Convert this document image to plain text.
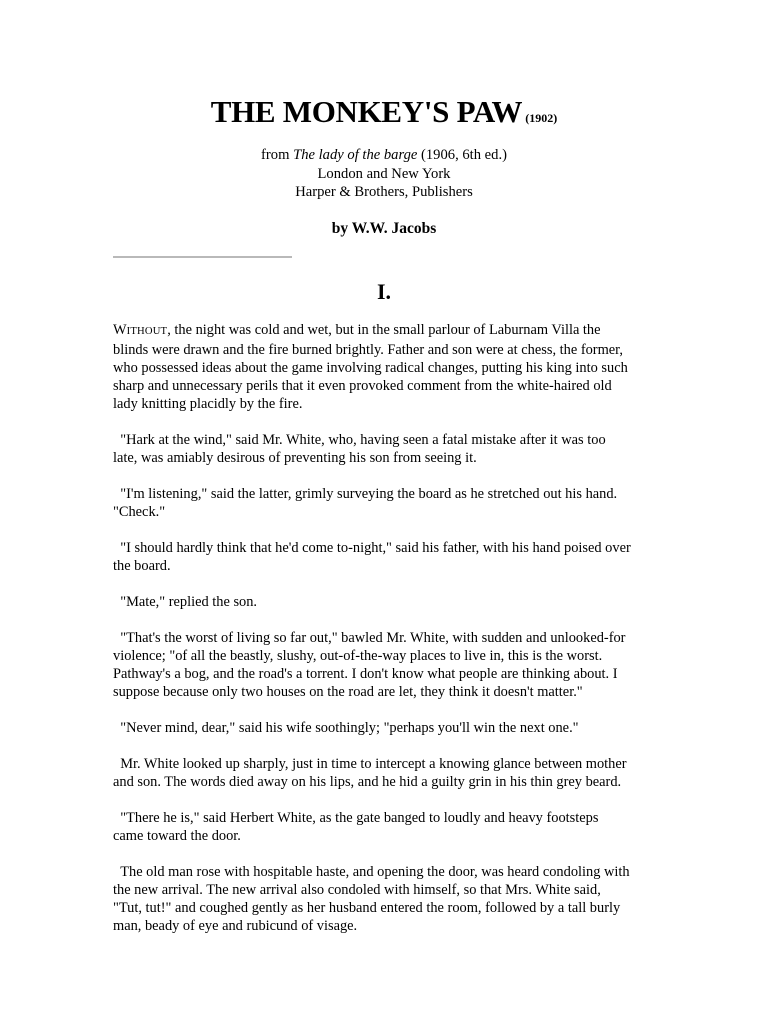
THE MONKEY'S PAW (1902)
from The lady of the barge (1906, 6th ed.)
London and New York
Harper & Brothers, Publishers
by W.W. Jacobs
I.
WITHOUT, the night was cold and wet, but in the small parlour of Laburnam Villa the
blinds were drawn and the fire burned brightly. Father and son were at chess, the former,
who possessed ideas about the game involving radical changes, putting his king into such
sharp and unnecessary perils that it even provoked comment from the white-haired old
lady knitting placidly by the fire.
"Hark at the wind," said Mr. White, who, having seen a fatal mistake after it was too
late, was amiably desirous of preventing his son from seeing it.
"I'm listening," said the latter, grimly surveying the board as he stretched out his hand.
"Check."
"I should hardly think that he'd come to-night," said his father, with his hand poised over
the board.
"Mate," replied the son.
"That's the worst of living so far out," bawled Mr. White, with sudden and unlooked-for
violence; "of all the beastly, slushy, out-of-the-way places to live in, this is the worst.
Pathway's a bog, and the road's a torrent. I don't know what people are thinking about. I
suppose because only two houses on the road are let, they think it doesn't matter."
"Never mind, dear," said his wife soothingly; "perhaps you'll win the next one."
Mr. White looked up sharply, just in time to intercept a knowing glance between mother
and son. The words died away on his lips, and he hid a guilty grin in his thin grey beard.
"There he is," said Herbert White, as the gate banged to loudly and heavy footsteps
came toward the door.
The old man rose with hospitable haste, and opening the door, was heard condoling with
the new arrival. The new arrival also condoled with himself, so that Mrs. White said,
"Tut, tut!" and coughed gently as her husband entered the room, followed by a tall burly
man, beady of eye and rubicund of visage.
